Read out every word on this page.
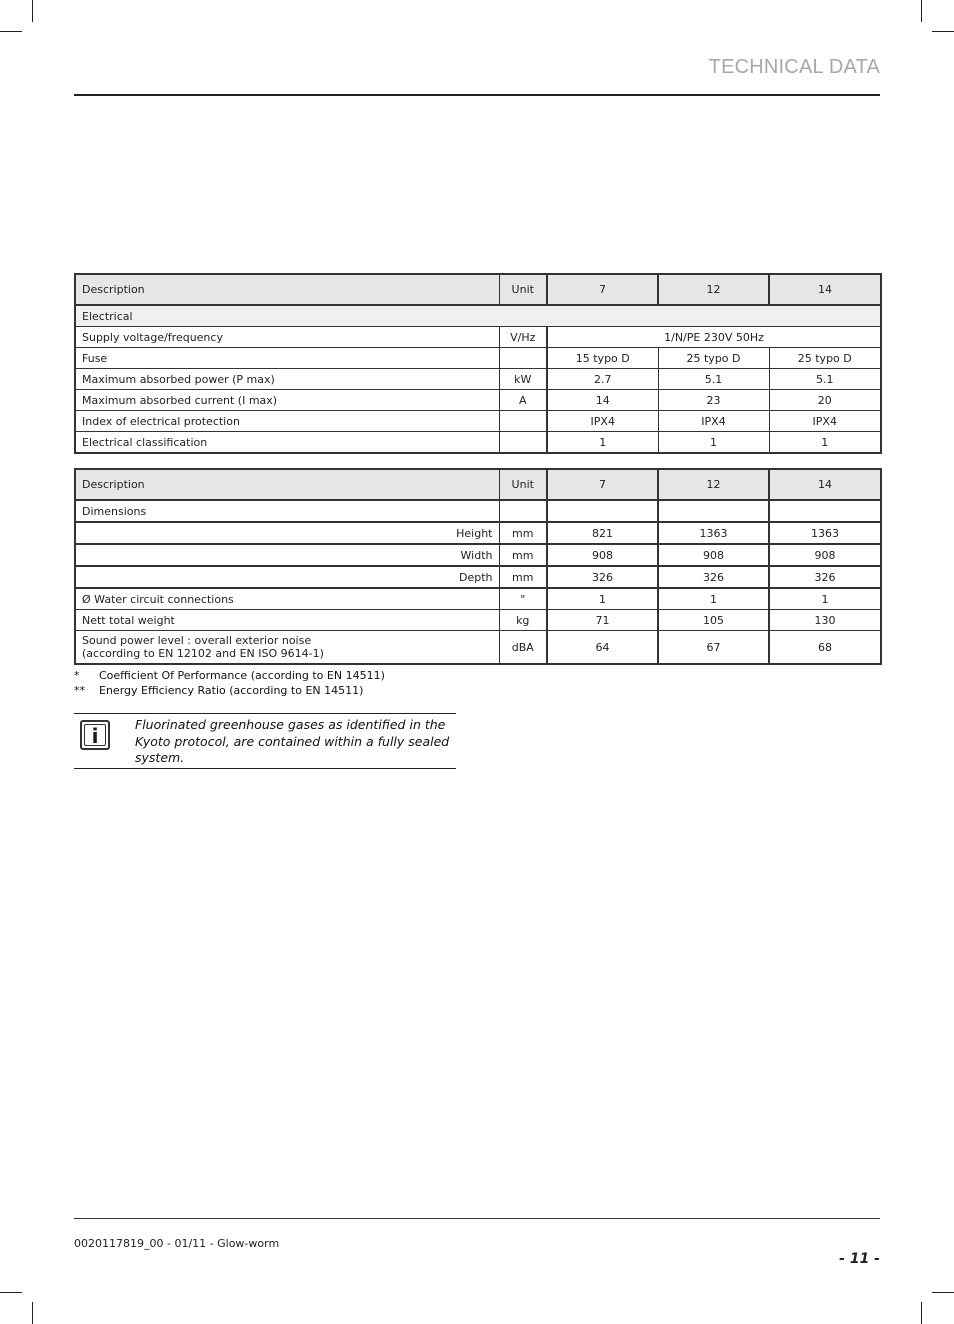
TECHNICAL DATA
Description	Unit	7	12	14
Electrical				
Supply voltage/frequency	V/Hz	1/N/PE 230V 50Hz		
Fuse		15 typo D	25 typo D	25 typo D
Maximum absorbed power (P max)	kW	2.7	5.1	5.1
Maximum absorbed current (I max)	A	14	23	20
Index of electrical protection		IPX4	IPX4	IPX4
Electrical classification		1	1	1
Description	Unit	7	12	14
Dimensions				
Height	mm	821	1363	1363
Width	mm	908	908	908
Depth	mm	326	326	326
Ø Water circuit connections	"	1	1	1
Nett total weight	kg	71	105	130
Sound power level : overall exterior noise
(according to EN 12102 and EN ISO 9614-1)	dBA	64	67	68
*	Coefficient Of Performance (according to EN 14511)
**	Energy Efficiency Ratio (according to EN 14511)
i	Fluorinated greenhouse gases as identified in the Kyoto protocol, are contained within a fully sealed system.
0020117819_00 - 01/11 - Glow-worm
- 11 -
